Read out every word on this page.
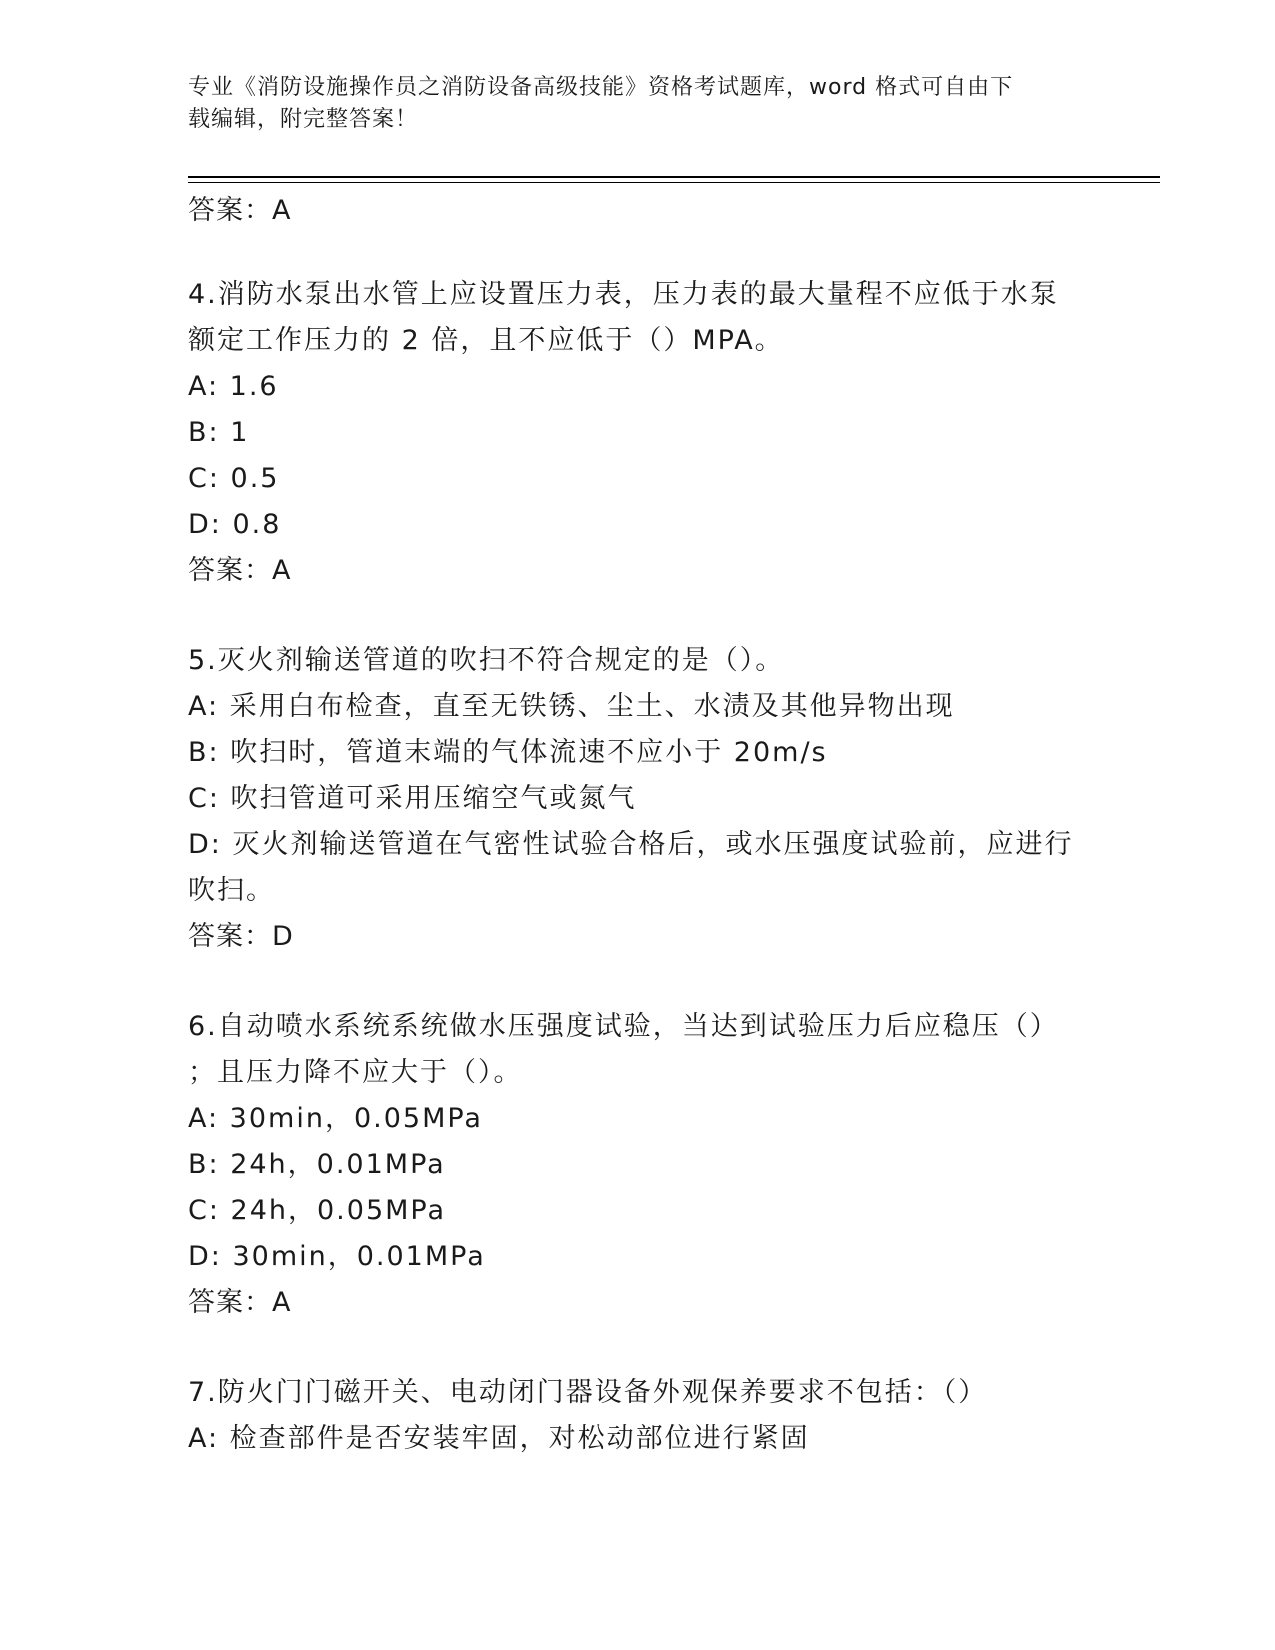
专业《消防设施操作员之消防设备高级技能》资格考试题库，word 格式可自由下
载编辑，附完整答案！
答案：A
4.消防水泵出水管上应设置压力表，压力表的最大量程不应低于水泵
额定工作压力的 2 倍，且不应低于（）MPA。
A: 1.6
B: 1
C: 0.5
D: 0.8
答案：A
5.灭火剂输送管道的吹扫不符合规定的是（）。
A: 采用白布检查，直至无铁锈、尘土、水渍及其他异物出现
B: 吹扫时，管道末端的气体流速不应小于 20m/s
C: 吹扫管道可采用压缩空气或氮气
D: 灭火剂输送管道在气密性试验合格后，或水压强度试验前，应进行
吹扫。
答案：D
6.自动喷水系统系统做水压强度试验，当达到试验压力后应稳压（）
；且压力降不应大于（）。
A: 30min，0.05MPa
B: 24h，0.01MPa
C: 24h，0.05MPa
D: 30min，0.01MPa
答案：A
7.防火门门磁开关、电动闭门器设备外观保养要求不包括：（）
A: 检查部件是否安装牢固，对松动部位进行紧固
